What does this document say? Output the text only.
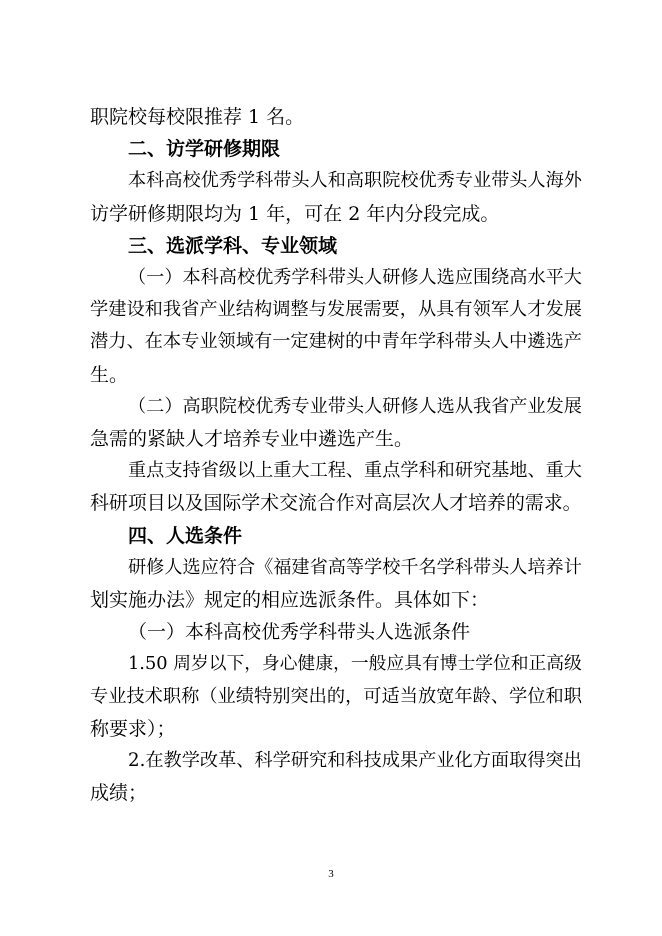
职院校每校限推荐 1 名。
二、访学研修期限
本科高校优秀学科带头人和高职院校优秀专业带头人海外
访学研修期限均为 1 年，可在 2 年内分段完成。
三、选派学科、专业领域
（一）本科高校优秀学科带头人研修人选应围绕高水平大
学建设和我省产业结构调整与发展需要，从具有领军人才发展
潜力、在本专业领域有一定建树的中青年学科带头人中遴选产
生。
（二）高职院校优秀专业带头人研修人选从我省产业发展
急需的紧缺人才培养专业中遴选产生。
重点支持省级以上重大工程、重点学科和研究基地、重大
科研项目以及国际学术交流合作对高层次人才培养的需求。
四、人选条件
研修人选应符合《福建省高等学校千名学科带头人培养计
划实施办法》规定的相应选派条件。具体如下：
（一）本科高校优秀学科带头人选派条件
1.50 周岁以下，身心健康，一般应具有博士学位和正高级
专业技术职称（业绩特别突出的，可适当放宽年龄、学位和职
称要求）；
2.在教学改革、科学研究和科技成果产业化方面取得突出
成绩；
3
